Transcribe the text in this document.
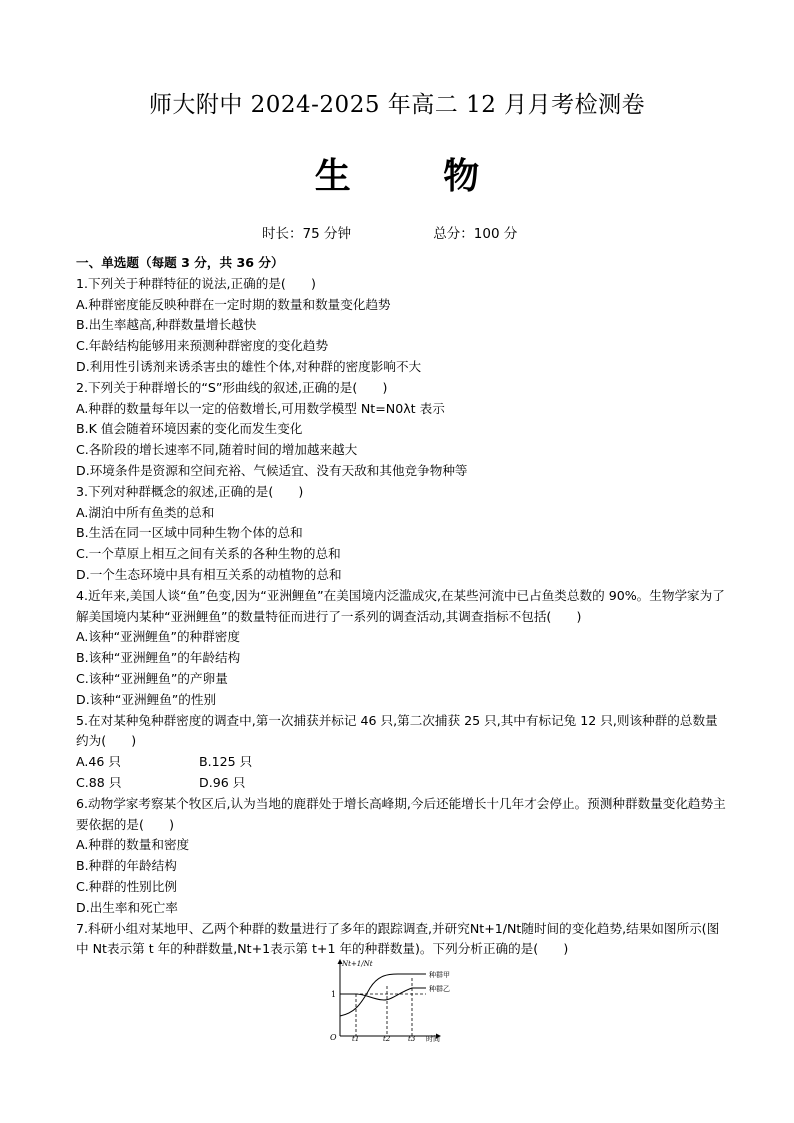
师大附中 2024-2025 年高二 12 月月考检测卷
生 物
时长：75 分钟	总分：100 分
一、单选题（每题 3 分，共 36 分）
1.下列关于种群特征的说法,正确的是(　　)
A.种群密度能反映种群在一定时期的数量和数量变化趋势
B.出生率越高,种群数量增长越快
C.年龄结构能够用来预测种群密度的变化趋势
D.利用性引诱剂来诱杀害虫的雄性个体,对种群的密度影响不大
2.下列关于种群增长的“S”形曲线的叙述,正确的是(　　)
A.种群的数量每年以一定的倍数增长,可用数学模型 Nt=N0λt 表示
B.K 值会随着环境因素的变化而发生变化
C.各阶段的增长速率不同,随着时间的增加越来越大
D.环境条件是资源和空间充裕、气候适宜、没有天敌和其他竞争物种等
3.下列对种群概念的叙述,正确的是(　　)
A.湖泊中所有鱼类的总和
B.生活在同一区域中同种生物个体的总和
C.一个草原上相互之间有关系的各种生物的总和
D.一个生态环境中具有相互关系的动植物的总和
4.近年来,美国人谈“鱼”色变,因为“亚洲鲤鱼”在美国境内泛滥成灾,在某些河流中已占鱼类总数的 90%。生物学家为了解美国境内某种“亚洲鲤鱼”的数量特征而进行了一系列的调查活动,其调查指标不包括(　　)
A.该种“亚洲鲤鱼”的种群密度
B.该种“亚洲鲤鱼”的年龄结构
C.该种“亚洲鲤鱼”的产卵量
D.该种“亚洲鲤鱼”的性别
5.在对某种兔种群密度的调查中,第一次捕获并标记 46 只,第二次捕获 25 只,其中有标记兔 12 只,则该种群的总数量约为(　　)
A.46 只	B.125 只
C.88 只	D.96 只
6.动物学家考察某个牧区后,认为当地的鹿群处于增长高峰期,今后还能增长十几年才会停止。预测种群数量变化趋势主要依据的是(　　)
A.种群的数量和密度
B.种群的年龄结构
C.种群的性别比例
D.出生率和死亡率
7.科研小组对某地甲、乙两个种群的数量进行了多年的跟踪调查,并研究Nt+1/Nt随时间的变化趋势,结果如图所示(图中 Nt表示第 t 年的种群数量,Nt+1表示第 t+1 年的种群数量)。下列分析正确的是(　　)
Nt+1/Nt
1
O t1	t2	t3 时间
种群甲
种群乙
